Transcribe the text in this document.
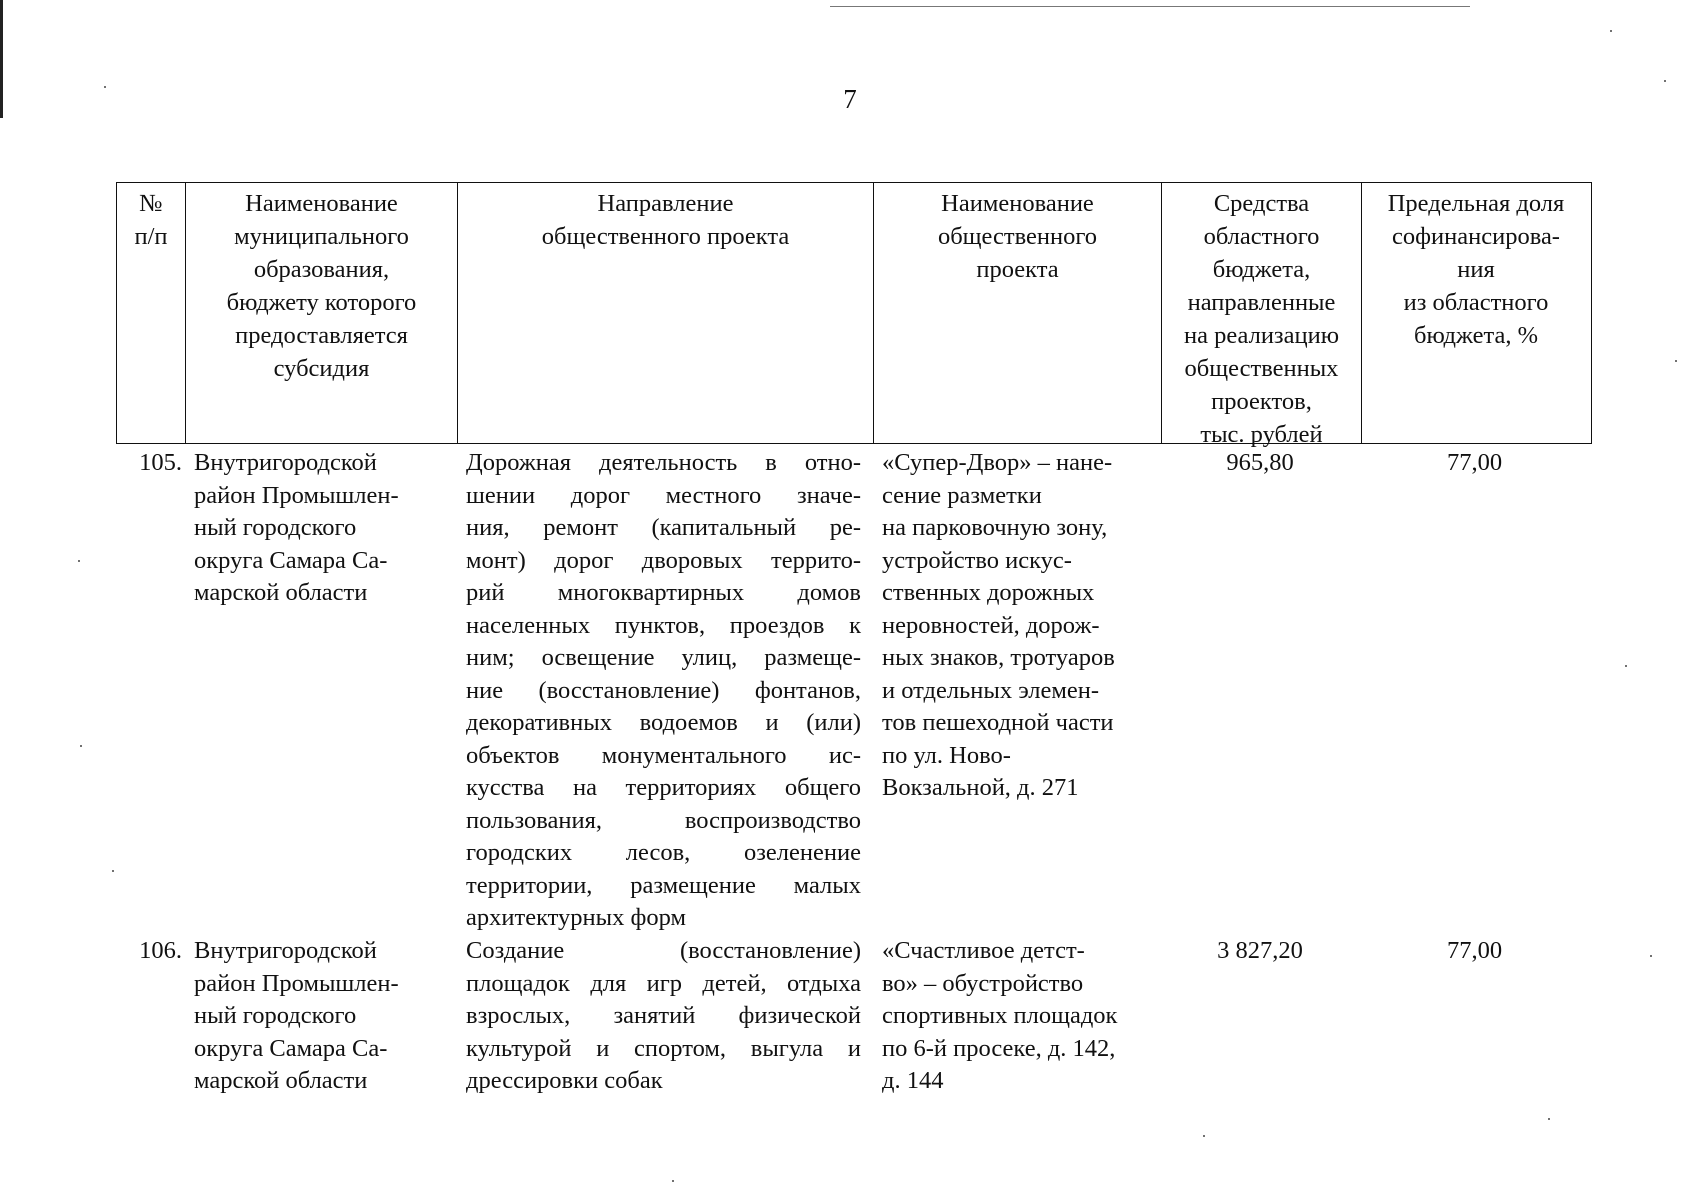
7
№
п/п
Наименование
муниципального
образования,
бюджету которого
предоставляется
субсидия
Направление
общественного проекта
Наименование
общественного
проекта
Средства
областного
бюджета,
направленные
на реализацию
общественных
проектов,
тыс. рублей
Предельная доля
софинансирова-
ния
из областного
бюджета, %
105. Внутригородской
район Промышлен-
ный городского
округа Самара Са-
марской области
Дорожная деятельность в отно-
шении дорог местного значе-
ния, ремонт (капитальный ре-
монт) дорог дворовых террито-
рий многоквартирных домов
населенных пунктов, проездов к
ним; освещение улиц, размеще-
ние (восстановление) фонтанов,
декоративных водоемов и (или)
объектов монументального ис-
кусства на территориях общего
пользования, воспроизводство
городских лесов, озеленение
территории, размещение малых
архитектурных форм
«Супер-Двор» – нане-
сение разметки
на парковочную зону,
устройство искус-
ственных дорожных
неровностей, дорож-
ных знаков, тротуаров
и отдельных элемен-
тов пешеходной части
по ул. Ново-
Вокзальной, д. 271
965,80	77,00
106. Внутригородской
район Промышлен-
ный городского
округа Самара Са-
марской области
Создание (восстановление)
площадок для игр детей, отдыха
взрослых, занятий физической
культурой и спортом, выгула и
дрессировки собак
«Счастливое детст-
во» – обустройство
спортивных площадок
по 6-й просеке, д. 142,
д. 144
3 827,20	77,00
